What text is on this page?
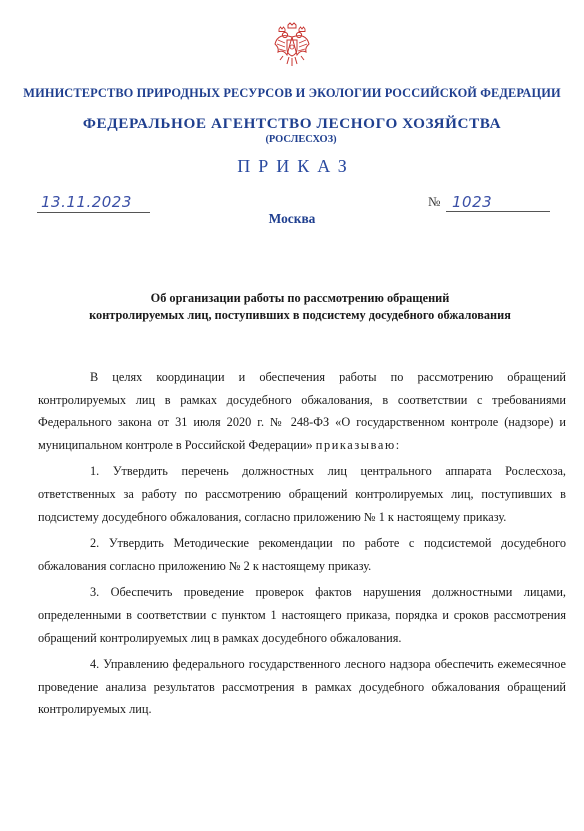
МИНИСТЕРСТВО ПРИРОДНЫХ РЕСУРСОВ И ЭКОЛОГИИ РОССИЙСКОЙ ФЕДЕРАЦИИ
ФЕДЕРАЛЬНОЕ АГЕНТСТВО ЛЕСНОГО ХОЗЯЙСТВА
(РОСЛЕСХОЗ)
ПРИКАЗ
13.11.2023
Москва
№ 1023
Об организации работы по рассмотрению обращений
контролируемых лиц, поступивших в подсистему досудебного обжалования

В целях координации и обеспечения работы по рассмотрению обращений контролируемых лиц в рамках досудебного обжалования, в соответствии с требованиями Федерального закона от 31 июля 2020 г. № 248-ФЗ «О государственном контроле (надзоре) и муниципальном контроле в Российской Федерации» приказываю:

1. Утвердить перечень должностных лиц центрального аппарата Рослесхоза, ответственных за работу по рассмотрению обращений контролируемых лиц, поступивших в подсистему досудебного обжалования, согласно приложению № 1 к настоящему приказу.

2. Утвердить Методические рекомендации по работе с подсистемой досудебного обжалования согласно приложению № 2 к настоящему приказу.

3. Обеспечить проведение проверок фактов нарушения должностными лицами, определенными в соответствии с пунктом 1 настоящего приказа, порядка и сроков рассмотрения обращений контролируемых лиц в рамках досудебного обжалования.

4. Управлению федерального государственного лесного надзора обеспечить ежемесячное проведение анализа результатов рассмотрения в рамках досудебного обжалования обращений контролируемых лиц.
